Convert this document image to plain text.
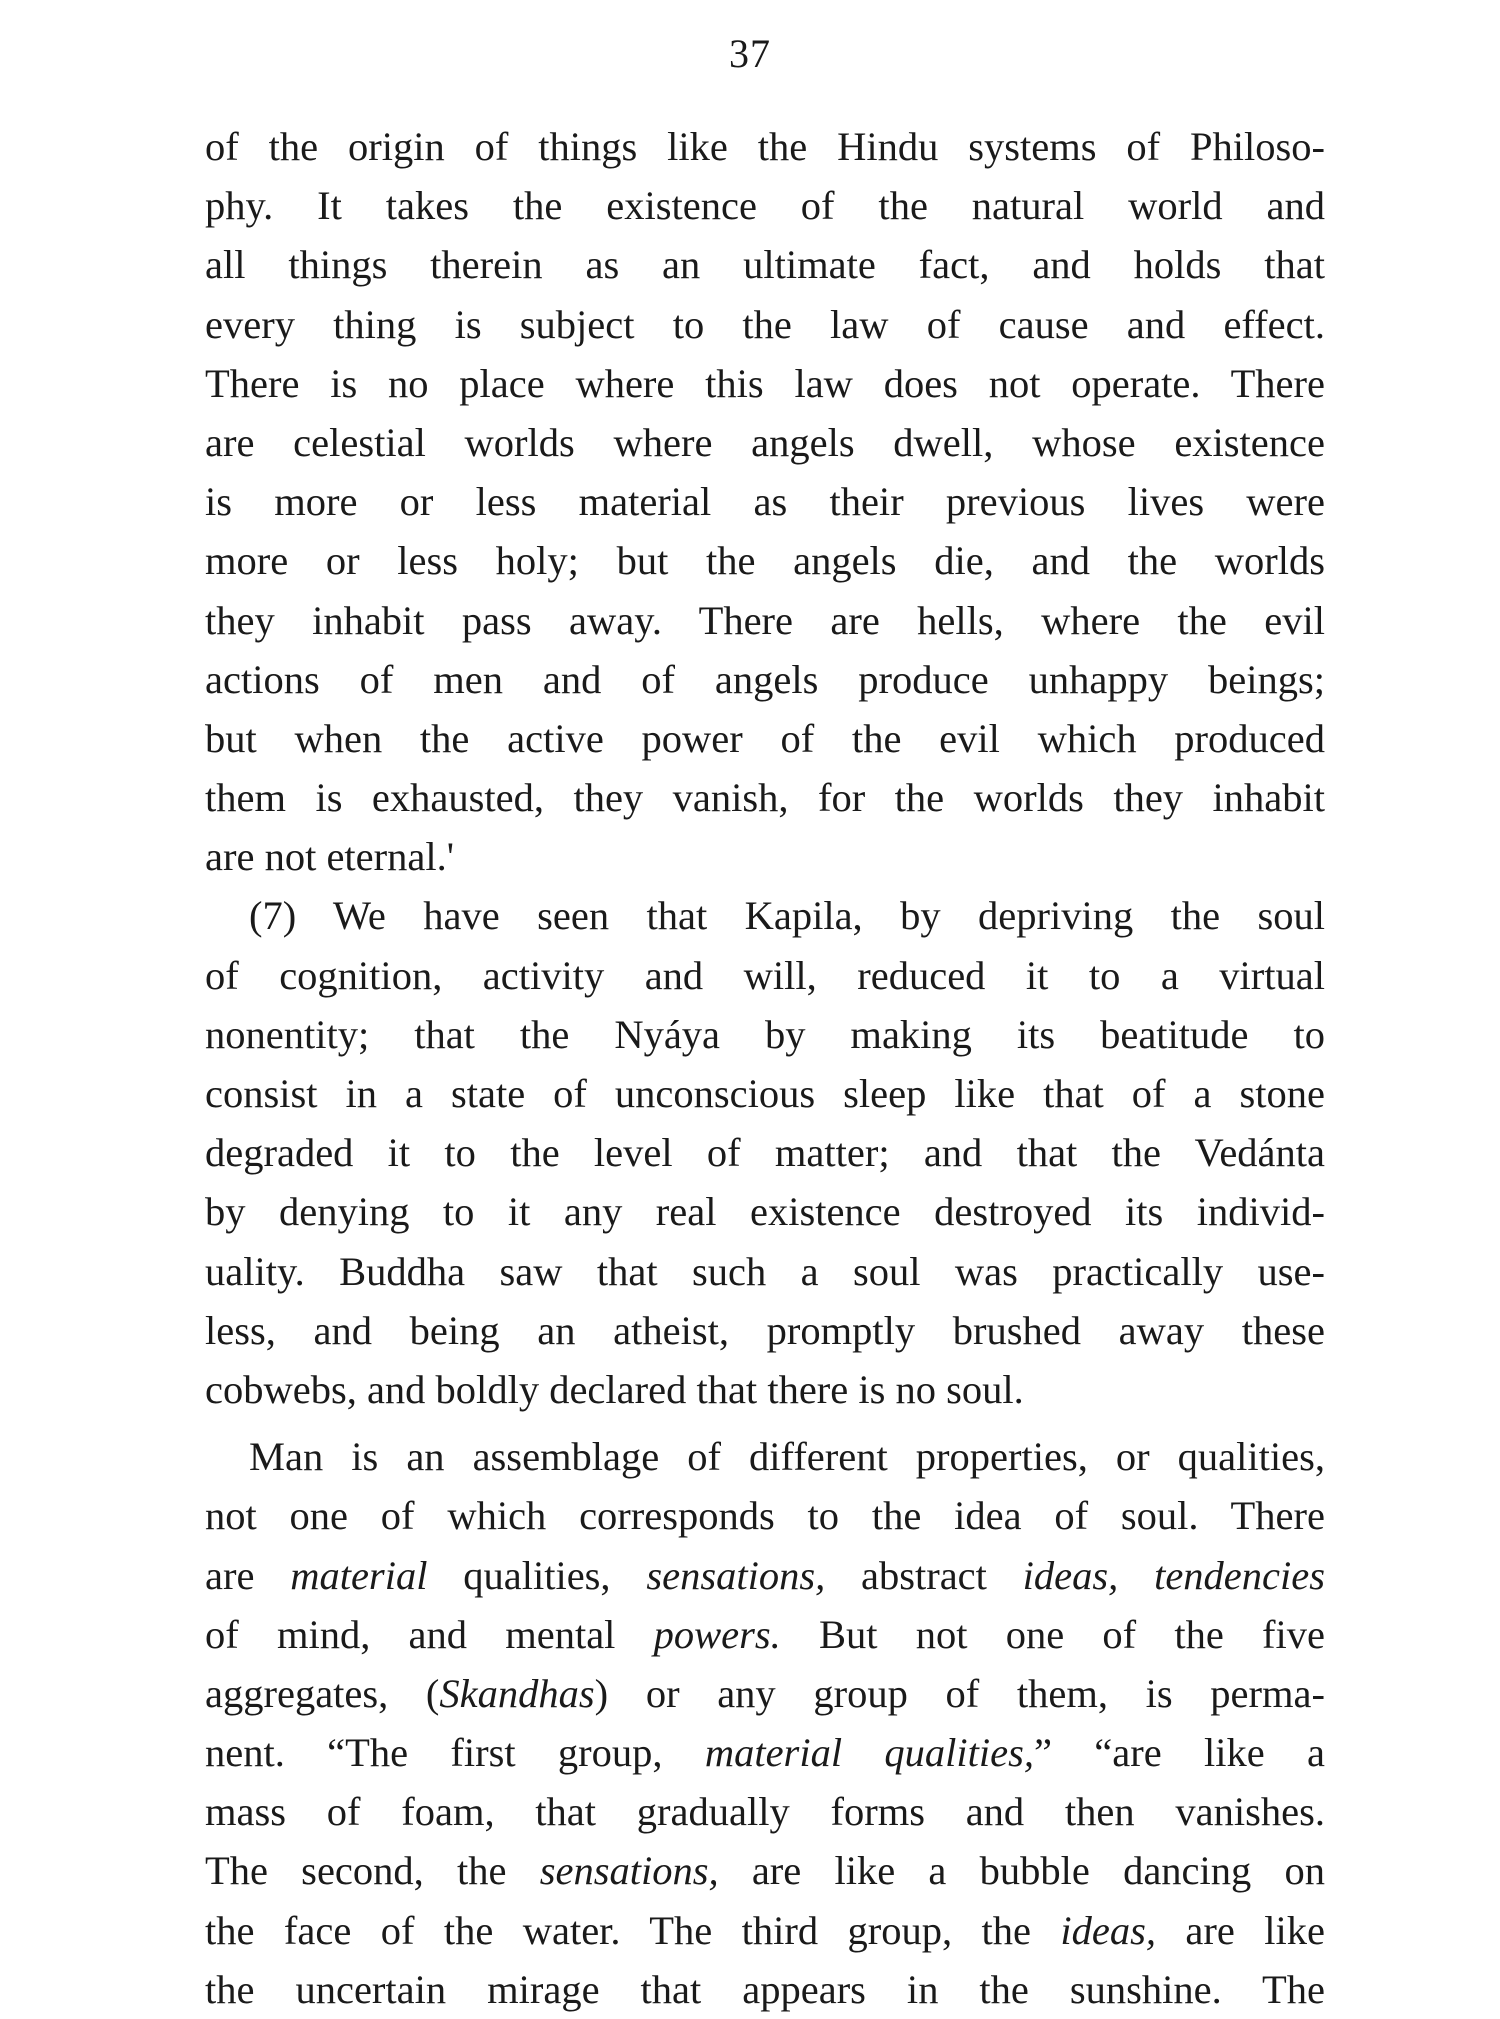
37
of the origin of things like the Hindu systems of Philoso-
phy. It takes the existence of the natural world and
all things therein as an ultimate fact, and holds that
every thing is subject to the law of cause and effect.
There is no place where this law does not operate. There
are celestial worlds where angels dwell, whose existence
is more or less material as their previous lives were
more or less holy; but the angels die, and the worlds
they inhabit pass away. There are hells, where the evil
actions of men and of angels produce unhappy beings;
but when the active power of the evil which produced
them is exhausted, they vanish, for the worlds they inhabit
are not eternal.'
(7) We have seen that Kapila, by depriving the soul
of cognition, activity and will, reduced it to a virtual
nonentity; that the Nyáya by making its beatitude to
consist in a state of unconscious sleep like that of a stone
degraded it to the level of matter; and that the Vedánta
by denying to it any real existence destroyed its individ-
uality. Buddha saw that such a soul was practically use-
less, and being an atheist, promptly brushed away these
cobwebs, and boldly declared that there is no soul.
Man is an assemblage of different properties, or qualities,
not one of which corresponds to the idea of soul. There
are material qualities, sensations, abstract ideas, tendencies
of mind, and mental powers. But not one of the five
aggregates, (Skandhas) or any group of them, is perma-
nent. “The first group, material qualities,” “are like a
mass of foam, that gradually forms and then vanishes.
The second, the sensations, are like a bubble dancing on
the face of the water. The third group, the ideas, are like
the uncertain mirage that appears in the sunshine. The
